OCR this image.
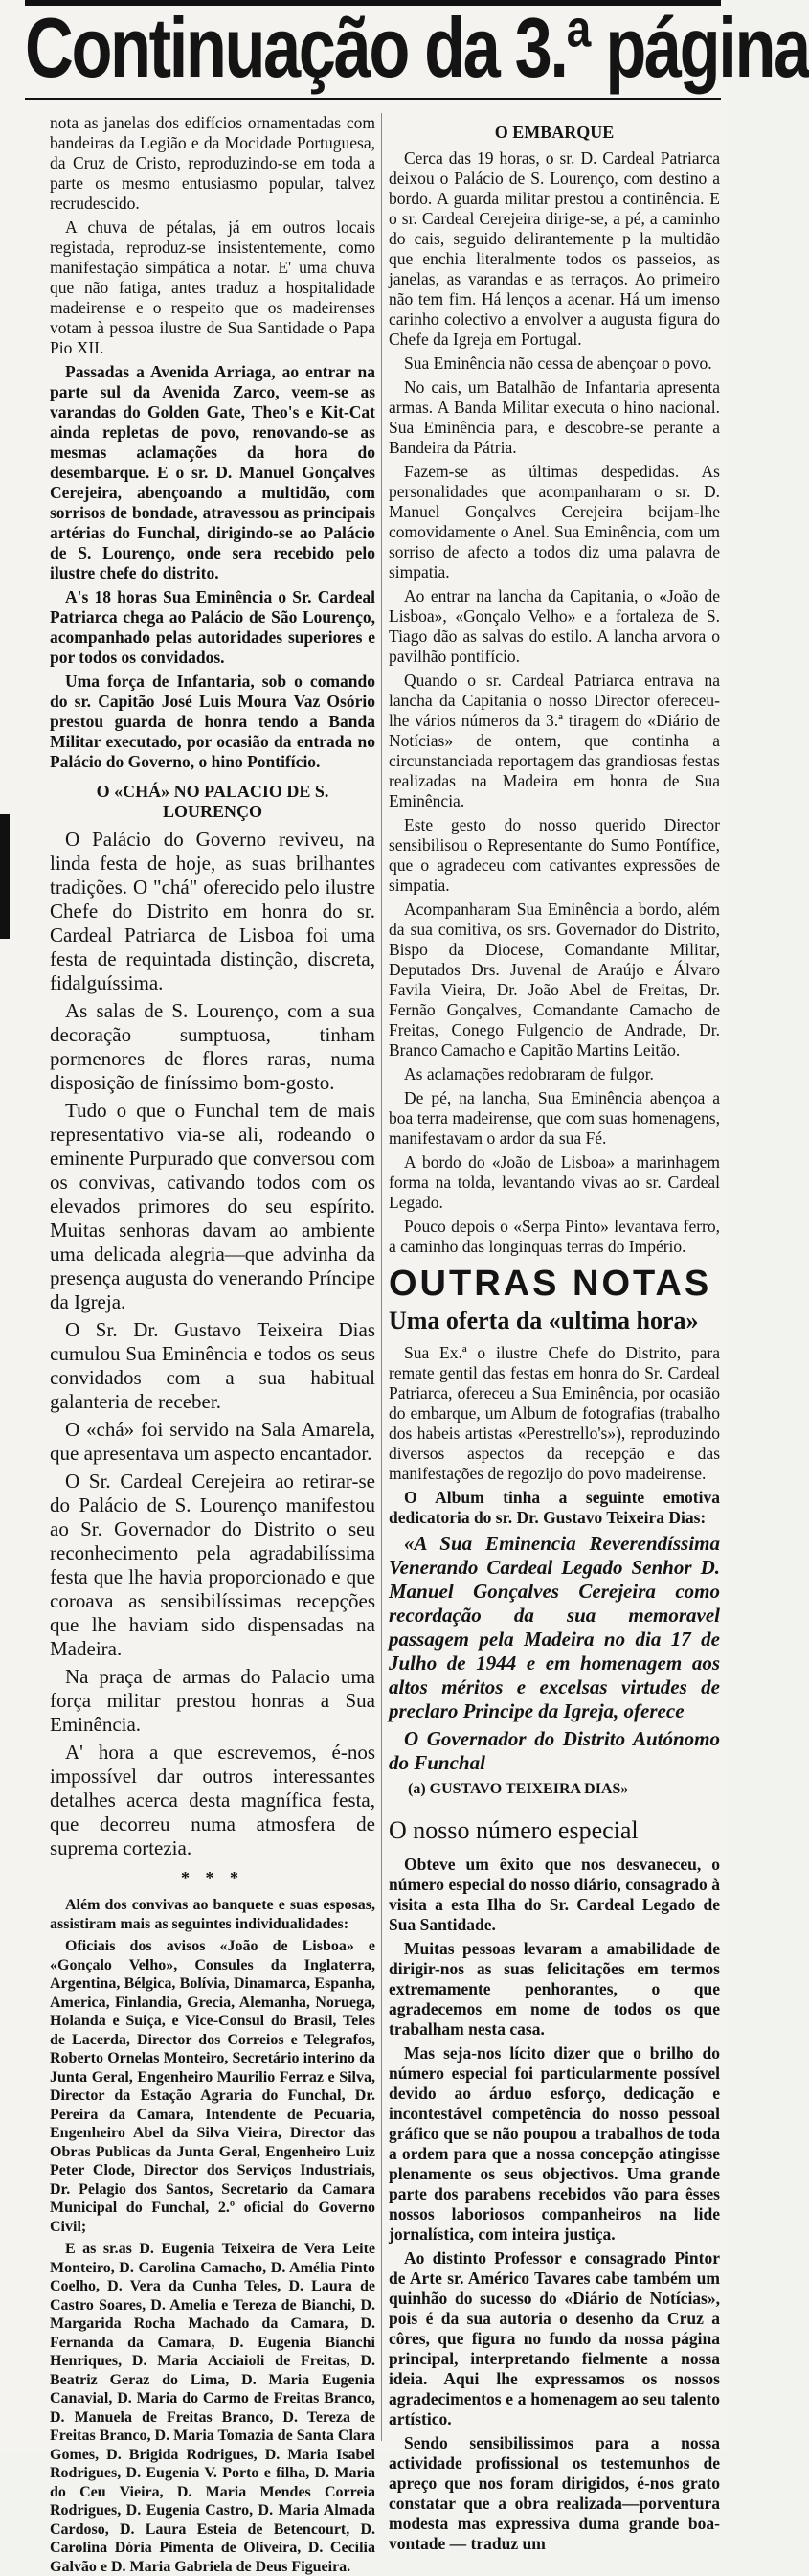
Continuação da 3.ª página

nota as janelas dos edifícios ornamentadas com bandeiras da Legião e da Mocidade Portuguesa, da Cruz de Cristo, reproduzindo-se em toda a parte os mesmo entusiasmo popular, talvez recrudescido.

A chuva de pétalas, já em outros locais registada, reproduz-se insistentemente, como manifestação simpática a notar. E' uma chuva que não fatiga, antes traduz a hospitalidade madeirense e o respeito que os madeirenses votam à pessoa ilustre de Sua Santidade o Papa Pio XII.

Passadas a Avenida Arriaga, ao entrar na parte sul da Avenida Zarco, veem-se as varandas do Golden Gate, Theo's e Kit-Cat ainda repletas de povo, renovando-se as mesmas aclamações da hora do desembarque. E o sr. D. Manuel Gonçalves Cerejeira, abençoando a multidão, com sorrisos de bondade, atravessou as principais artérias do Funchal, dirigindo-se ao Palácio de S. Lourenço, onde sera recebido pelo ilustre chefe do distrito.

A's 18 horas Sua Eminência o Sr. Cardeal Patriarca chega ao Palácio de São Lourenço, acompanhado pelas autoridades superiores e por todos os convidados.

Uma força de Infantaria, sob o comando do sr. Capitão José Luis Moura Vaz Osório prestou guarda de honra tendo a Banda Militar executado, por ocasião da entrada no Palácio do Governo, o hino Pontifício.

O «CHÁ» NO PALACIO DE S. LOURENÇO

O Palácio do Governo reviveu, na linda festa de hoje, as suas brilhantes tradições. O "chá" oferecido pelo ilustre Chefe do Distrito em honra do sr. Cardeal Patriarca de Lisboa foi uma festa de requintada distinção, discreta, fidalguíssima.

As salas de S. Lourenço, com a sua decoração sumptuosa, tinham pormenores de flores raras, numa disposição de finíssimo bom-gosto.

Tudo o que o Funchal tem de mais representativo via-se ali, rodeando o eminente Purpurado que conversou com os convivas, cativando todos com os elevados primores do seu espírito. Muitas senhoras davam ao ambiente uma delicada alegria—que advinha da presença augusta do venerando Príncipe da Igreja.

O Sr. Dr. Gustavo Teixeira Dias cumulou Sua Eminência e todos os seus convidados com a sua habitual galanteria de receber.

O «chá» foi servido na Sala Amarela, que apresentava um aspecto encantador.

O Sr. Cardeal Cerejeira ao retirar-se do Palácio de S. Lourenço manifestou ao Sr. Governador do Distrito o seu reconhecimento pela agradabilíssima festa que lhe havia proporcionado e que coroava as sensibilíssimas recepções que lhe haviam sido dispensadas na Madeira.

Na praça de armas do Palacio uma força militar prestou honras a Sua Eminência.

A' hora a que escrevemos, é-nos impossível dar outros interessantes detalhes acerca desta magnífica festa, que decorreu numa atmosfera de suprema cortezia.

* * *

Além dos convivas ao banquete e suas esposas, assistiram mais as seguintes individualidades:

Oficiais dos avisos «João de Lisboa» e «Gonçalo Velho», Consules da Inglaterra, Argentina, Bélgica, Bolívia, Dinamarca, Espanha, America, Finlandia, Grecia, Alemanha, Noruega, Holanda e Suiça, e Vice-Consul do Brasil, Teles de Lacerda, Director dos Correios e Telegrafos, Roberto Ornelas Monteiro, Secretário interino da Junta Geral, Engenheiro Maurilio Ferraz e Silva, Director da Estação Agraria do Funchal, Dr. Pereira da Camara, Intendente de Pecuaria, Engenheiro Abel da Silva Vieira, Director das Obras Publicas da Junta Geral, Engenheiro Luiz Peter Clode, Director dos Serviços Industriais, Dr. Pelagio dos Santos, Secretario da Camara Municipal do Funchal, 2.º oficial do Governo Civil;

E as sr.as D. Eugenia Teixeira de Vera Leite Monteiro, D. Carolina Camacho, D. Amélia Pinto Coelho, D. Vera da Cunha Teles, D. Laura de Castro Soares, D. Amelia e Tereza de Bianchi, D. Margarida Rocha Machado da Camara, D. Fernanda da Camara, D. Eugenia Bianchi Henriques, D. Maria Acciaioli de Freitas, D. Beatriz Geraz do Lima, D. Maria Eugenia Canavial, D. Maria do Carmo de Freitas Branco, D. Manuela de Freitas Branco, D. Tereza de Freitas Branco, D. Maria Tomazia de Santa Clara Gomes, D. Brigida Rodrigues, D. Maria Isabel Rodrigues, D. Eugenia V. Porto e filha, D. Maria do Ceu Vieira, D. Maria Mendes Correia Rodrigues, D. Eugenia Castro, D. Maria Almada Cardoso, D. Laura Esteia de Betencourt, D. Carolina Dória Pimenta de Oliveira, D. Cecília Galvão e D. Maria Gabriela de Deus Figueira.

O EMBARQUE

Cerca das 19 horas, o sr. D. Cardeal Patriarca deixou o Palácio de S. Lourenço, com destino a bordo. A guarda militar prestou a continência. E o sr. Cardeal Cerejeira dirige-se, a pé, a caminho do cais, seguido delirantemente p la multidão que enchia literalmente todos os passeios, as janelas, as varandas e as terraços. Ao primeiro não tem fim. Há lenços a acenar. Há um imenso carinho colectivo a envolver a augusta figura do Chefe da Igreja em Portugal.

Sua Eminência não cessa de abençoar o povo.

No cais, um Batalhão de Infantaria apresenta armas. A Banda Militar executa o hino nacional. Sua Eminência para, e descobre-se perante a Bandeira da Pátria.

Fazem-se as últimas despedidas. As personalidades que acompanharam o sr. D. Manuel Gonçalves Cerejeira beijam-lhe comovidamente o Anel. Sua Eminência, com um sorriso de afecto a todos diz uma palavra de simpatia.

Ao entrar na lancha da Capitania, o «João de Lisboa», «Gonçalo Velho» e a fortaleza de S. Tiago dão as salvas do estilo. A lancha arvora o pavilhão pontifício.

Quando o sr. Cardeal Patriarca entrava na lancha da Capitania o nosso Director ofereceu-lhe vários números da 3.ª tiragem do «Diário de Notícias» de ontem, que continha a circunstanciada reportagem das grandiosas festas realizadas na Madeira em honra de Sua Eminência.

Este gesto do nosso querido Director sensibilisou o Representante do Sumo Pontífice, que o agradeceu com cativantes expressões de simpatia.

Acompanharam Sua Eminência a bordo, além da sua comitiva, os srs. Governador do Distrito, Bispo da Diocese, Comandante Militar, Deputados Drs. Juvenal de Araújo e Álvaro Favila Vieira, Dr. João Abel de Freitas, Dr. Fernão Gonçalves, Comandante Camacho de Freitas, Conego Fulgencio de Andrade, Dr. Branco Camacho e Capitão Martins Leitão.

As aclamações redobraram de fulgor.

De pé, na lancha, Sua Eminência abençoa a boa terra madeirense, que com suas homenagens, manifestavam o ardor da sua Fé.

A bordo do «João de Lisboa» a marinhagem forma na tolda, levantando vivas ao sr. Cardeal Legado.

Pouco depois o «Serpa Pinto» levantava ferro, a caminho das longinquas terras do Império.

OUTRAS NOTAS
Uma oferta da «ultima hora»

Sua Ex.ª o ilustre Chefe do Distrito, para remate gentil das festas em honra do Sr. Cardeal Patriarca, ofereceu a Sua Eminência, por ocasião do embarque, um Album de fotografias (trabalho dos habeis artistas «Perestrello's»), reproduzindo diversos aspectos da recepção e das manifestações de regozijo do povo madeirense.

O Album tinha a seguinte emotiva dedicatoria do sr. Dr. Gustavo Teixeira Dias:

«A Sua Eminencia Reverendíssima Venerando Cardeal Legado Senhor D. Manuel Gonçalves Cerejeira como recordação da sua memoravel passagem pela Madeira no dia 17 de Julho de 1944 e em homenagem aos altos méritos e excelsas virtudes de preclaro Principe da Igreja, oferece

O Governador do Distrito Autónomo do Funchal

(a) GUSTAVO TEIXEIRA DIAS»

O nosso número especial

Obteve um êxito que nos desvaneceu, o número especial do nosso diário, consagrado à visita a esta Ilha do Sr. Cardeal Legado de Sua Santidade.

Muitas pessoas levaram a amabilidade de dirigir-nos as suas felicitações em termos extremamente penhorantes, o que agradecemos em nome de todos os que trabalham nesta casa.

Mas seja-nos lícito dizer que o brilho do número especial foi particularmente possível devido ao árduo esforço, dedicação e incontestável competência do nosso pessoal gráfico que se não poupou a trabalhos de toda a ordem para que a nossa concepção atingisse plenamente os seus objectivos. Uma grande parte dos parabens recebidos vão para êsses nossos laboriosos companheiros na lide jornalística, com inteira justiça.

Ao distinto Professor e consagrado Pintor de Arte sr. Américo Tavares cabe também um quinhão do sucesso do «Diário de Notícias», pois é da sua autoria o desenho da Cruz a côres, que figura no fundo da nossa página principal, interpretando fielmente a nossa ideia. Aqui lhe expressamos os nossos agradecimentos e a homenagem ao seu talento artístico.

Sendo sensibilissimos para a nossa actividade profissional os testemunhos de apreço que nos foram dirigidos, é-nos grato constatar que a obra realizada—porventura modesta mas expressiva duma grande boa-vontade — traduz um
